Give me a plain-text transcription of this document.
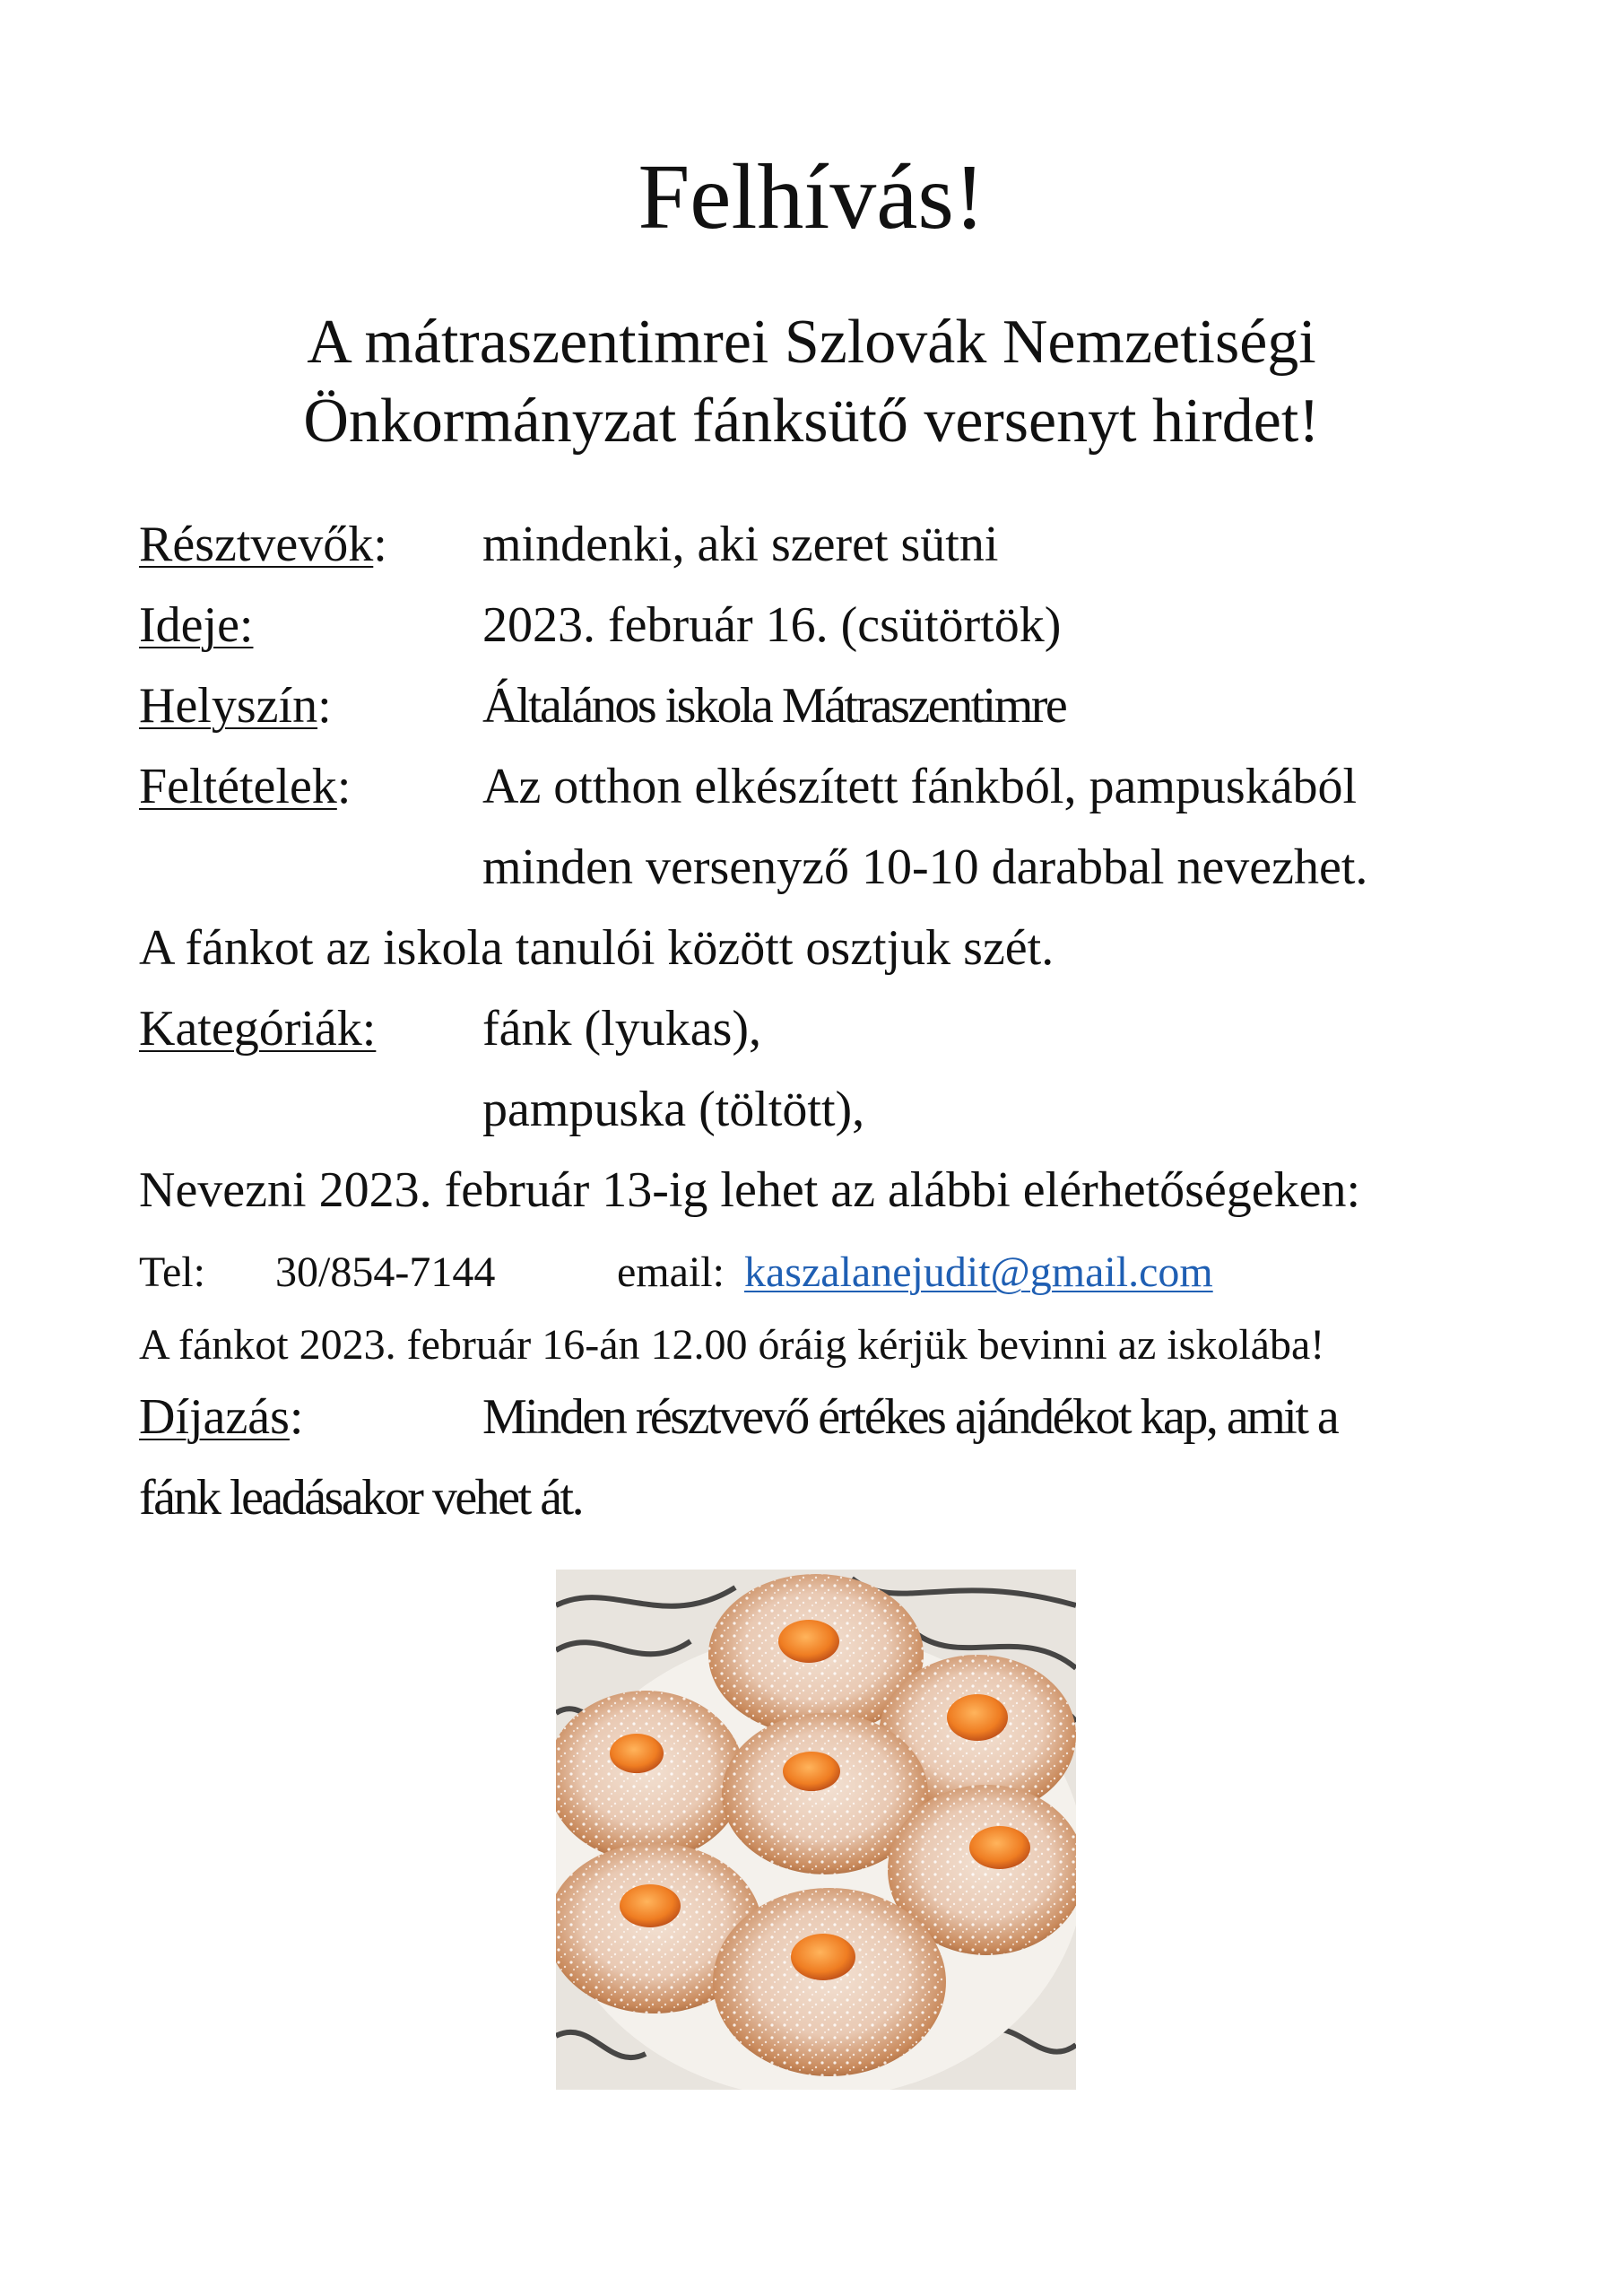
Felhívás!
A mátraszentimrei Szlovák Nemzetiségi
Önkormányzat fánksütő versenyt hirdet!
Résztvevők: mindenki, aki szeret sütni
Ideje:	2023. február 16. (csütörtök)
Helyszín:	Általános iskola Mátraszentimre
Feltételek:	Az otthon elkészített fánkból, pampuskából
minden versenyző 10-10 darabbal nevezhet.
A fánkot az iskola tanulói között osztjuk szét.
Kategóriák: fánk (lyukas),
pampuska (töltött),
Nevezni 2023. február 13-ig lehet az alábbi elérhetőségeken:
Tel: 30/854-7144	email: kaszalanejudit@gmail.com
A fánkot 2023. február 16-án 12.00 óráig kérjük bevinni az iskolába!
Díjazás:	Minden résztvevő értékes ajándékot kap, amit a
fánk leadásakor vehet át.
